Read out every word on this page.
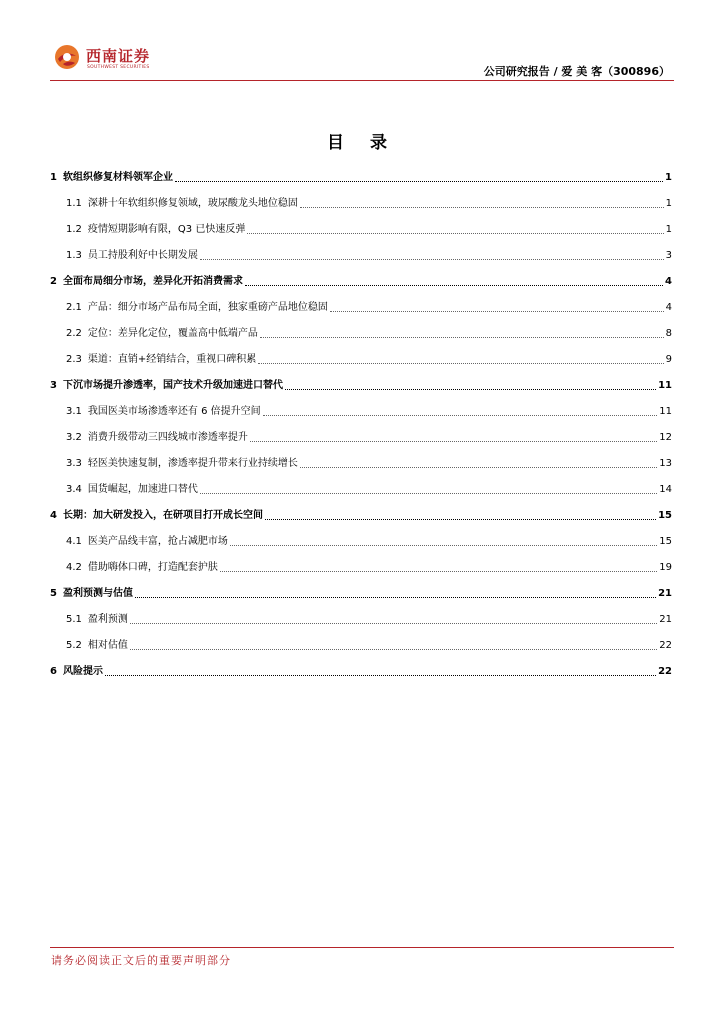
西南证券
SOUTHWEST SECURITIES	公司研究报告 / 爱 美 客（300896）
目 录
1 软组织修复材料领军企业	1
1.1 深耕十年软组织修复领域，玻尿酸龙头地位稳固	1
1.2 疫情短期影响有限，Q3 已快速反弹	1
1.3 员工持股利好中长期发展	3
2 全面布局细分市场，差异化开拓消费需求	4
2.1 产品：细分市场产品布局全面，独家重磅产品地位稳固	4
2.2 定位：差异化定位，覆盖高中低端产品	8
2.3 渠道：直销+经销结合，重视口碑积累	9
3 下沉市场提升渗透率，国产技术升级加速进口替代	11
3.1 我国医美市场渗透率还有 6 倍提升空间	11
3.2 消费升级带动三四线城市渗透率提升	12
3.3 轻医美快速复制，渗透率提升带来行业持续增长	13
3.4 国货崛起，加速进口替代	14
4 长期：加大研发投入，在研项目打开成长空间	15
4.1 医美产品线丰富，抢占减肥市场	15
4.2 借助嗨体口碑，打造配套护肤	19
5 盈利预测与估值	21
5.1 盈利预测	21
5.2 相对估值	22
6 风险提示	22
请务必阅读正文后的重要声明部分
